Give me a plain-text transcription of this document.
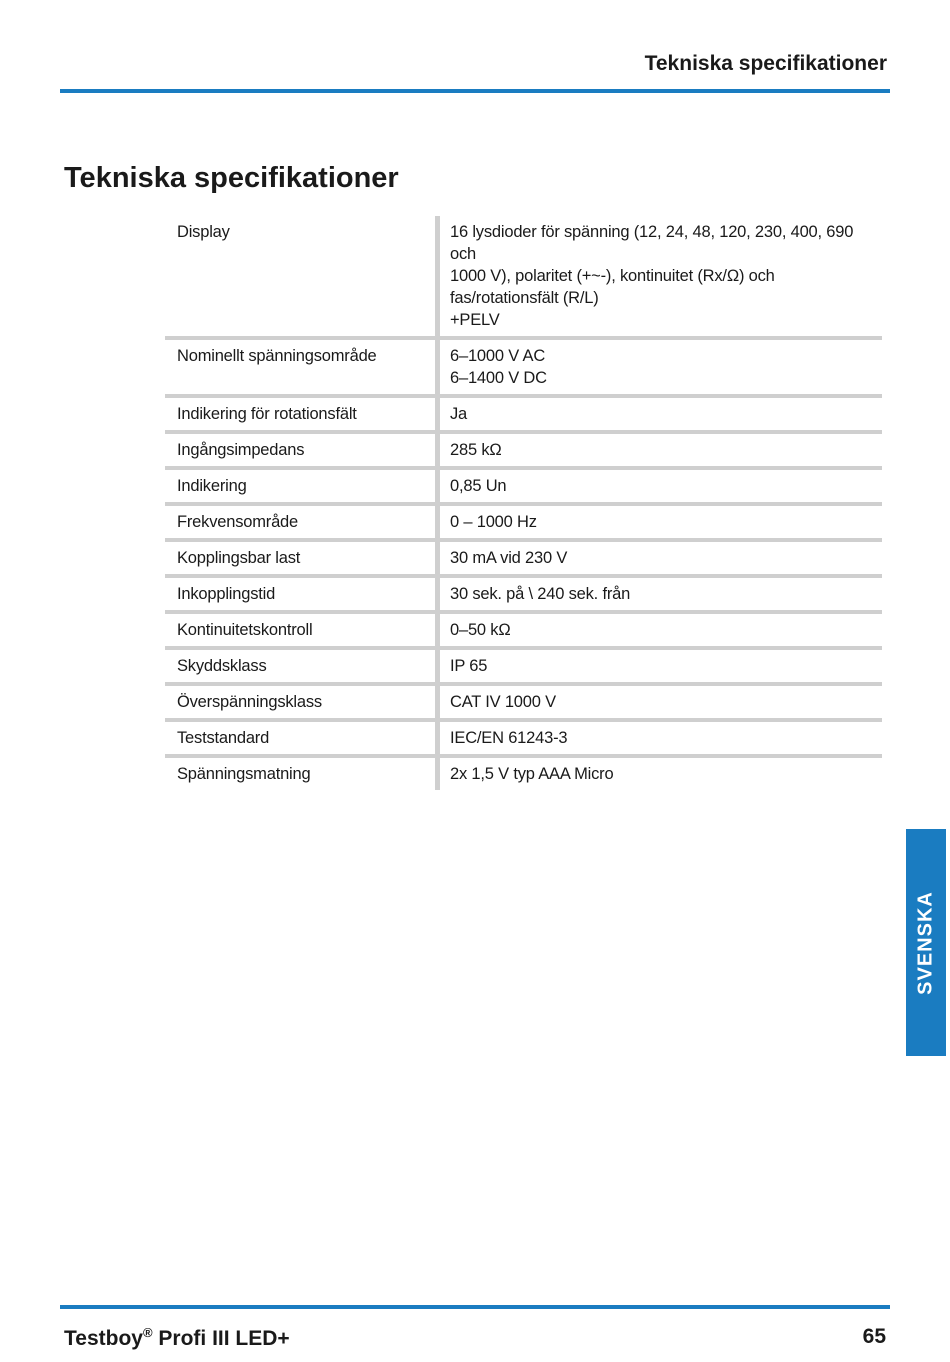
Tekniska specifikationer
Tekniska specifikationer
Display	16 lysdioder för spänning (12, 24, 48, 120, 230, 400, 690 och
1000 V), polaritet (+~-), kontinuitet (Rx/Ω) och
fas/rotationsfält (R/L)
+PELV

Nominellt spänningsområde	6–1000 V AC
6–1400 V DC

Indikering för rotationsfält	Ja

Ingångsimpedans	285 kΩ

Indikering	0,85 Un

Frekvensområde	0 – 1000 Hz

Kopplingsbar last	30 mA vid 230 V

Inkopplingstid	30 sek. på \ 240 sek. från

Kontinuitetskontroll	0–50 kΩ

Skyddsklass	IP 65

Överspänningsklass	CAT IV 1000 V

Teststandard	IEC/EN 61243-3

Spänningsmatning	2x 1,5 V typ AAA Micro
SVENSKA
Testboy® Profi III LED+	65
